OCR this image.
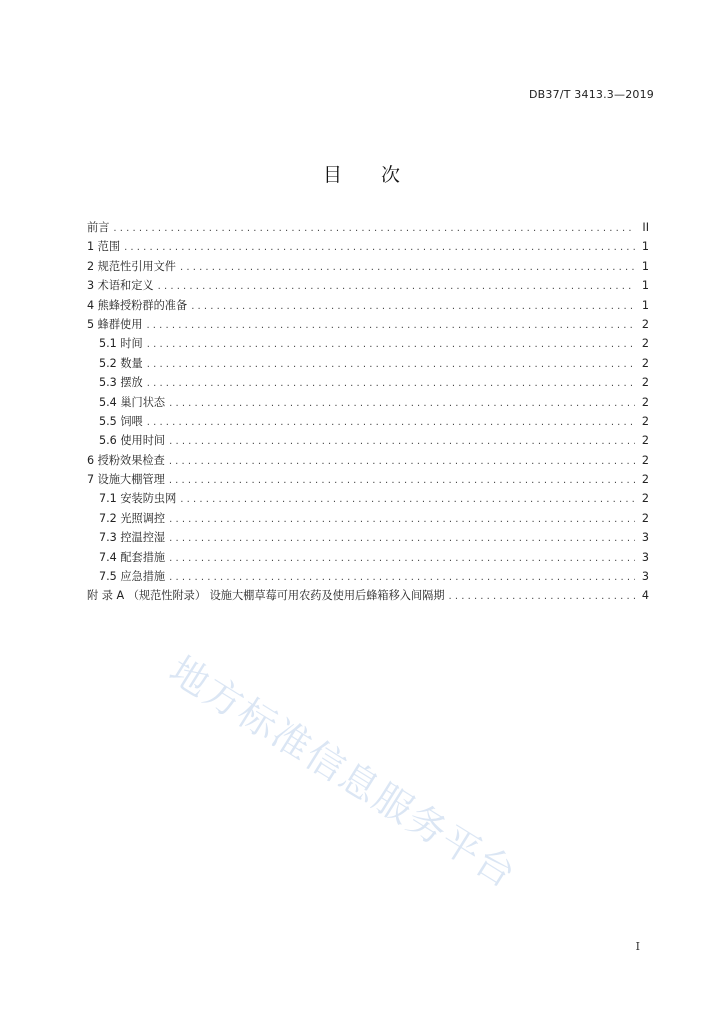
DB37/T 3413.3—2019
目 次
前言 . . .	II
1 范围 . . .	1
2 规范性引用文件 . . .	1
3 术语和定义 . . .	1
4 熊蜂授粉群的准备 . . .	1
5 蜂群使用 . . .	2
5.1 时间 . . .	2
5.2 数量 . . .	2
5.3 摆放 . . .	2
5.4 巢门状态 . . .	2
5.5 饲喂 . . .	2
5.6 使用时间 . . .	2
6 授粉效果检查 . . .	2
7 设施大棚管理 . . .	2
7.1 安装防虫网 . . .	2
7.2 光照调控 . . .	2
7.3 控温控湿 . . .	3
7.4 配套措施 . . .	3
7.5 应急措施 . . .	3
附 录 A （规范性附录） 设施大棚草莓可用农药及使用后蜂箱移入间隔期 . . .	4
地方标准信息服务平台
I
